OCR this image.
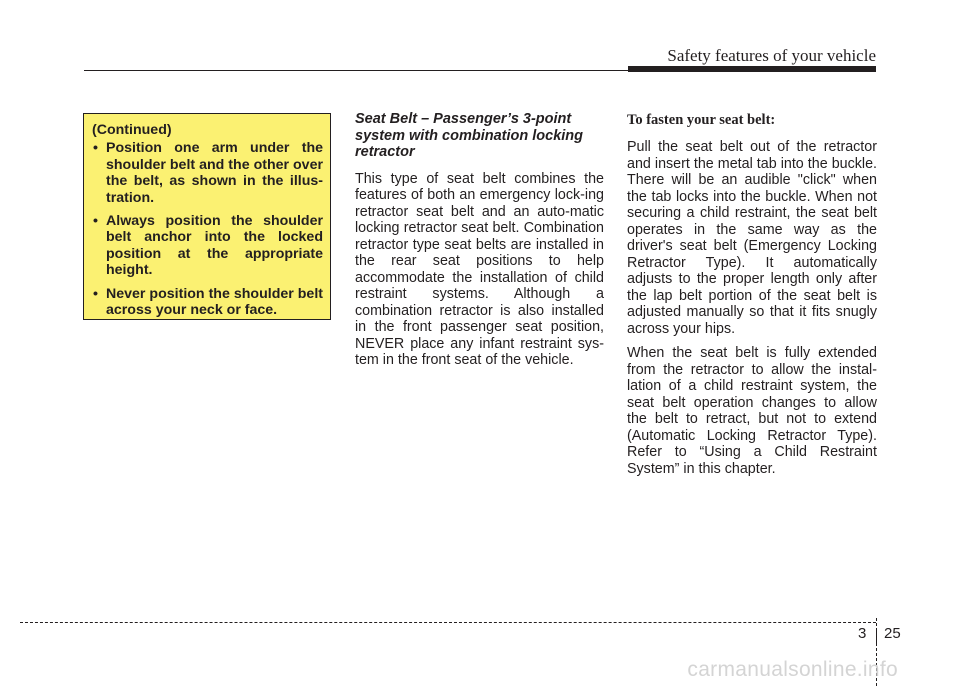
Safety features of your vehicle
(Continued)
• Position one arm under the shoulder belt and the other over the belt, as shown in the illus-tration.
• Always position the shoulder belt anchor into the locked position at the appropriate height.
• Never position the shoulder belt across your neck or face.

Seat Belt – Passenger’s 3-point system with combination locking retractor

This type of seat belt combines the features of both an emergency lock-ing retractor seat belt and an auto-matic locking retractor seat belt. Combination retractor type seat belts are installed in the rear seat positions to help accommodate the installation of child restraint systems. Although a combination retractor is also installed in the front passenger seat position, NEVER place any infant restraint sys-tem in the front seat of the vehicle.

To fasten your seat belt:

Pull the seat belt out of the retractor and insert the metal tab into the buckle. There will be an audible "click" when the tab locks into the buckle. When not securing a child restraint, the seat belt operates in the same way as the driver's seat belt (Emergency Locking Retractor Type). It automatically adjusts to the proper length only after the lap belt portion of the seat belt is adjusted manually so that it fits snugly across your hips.

When the seat belt is fully extended from the retractor to allow the instal-lation of a child restraint system, the seat belt operation changes to allow the belt to retract, but not to extend (Automatic Locking Retractor Type). Refer to “Using a Child Restraint System” in this chapter.

3 25
carmanualsonline.info
